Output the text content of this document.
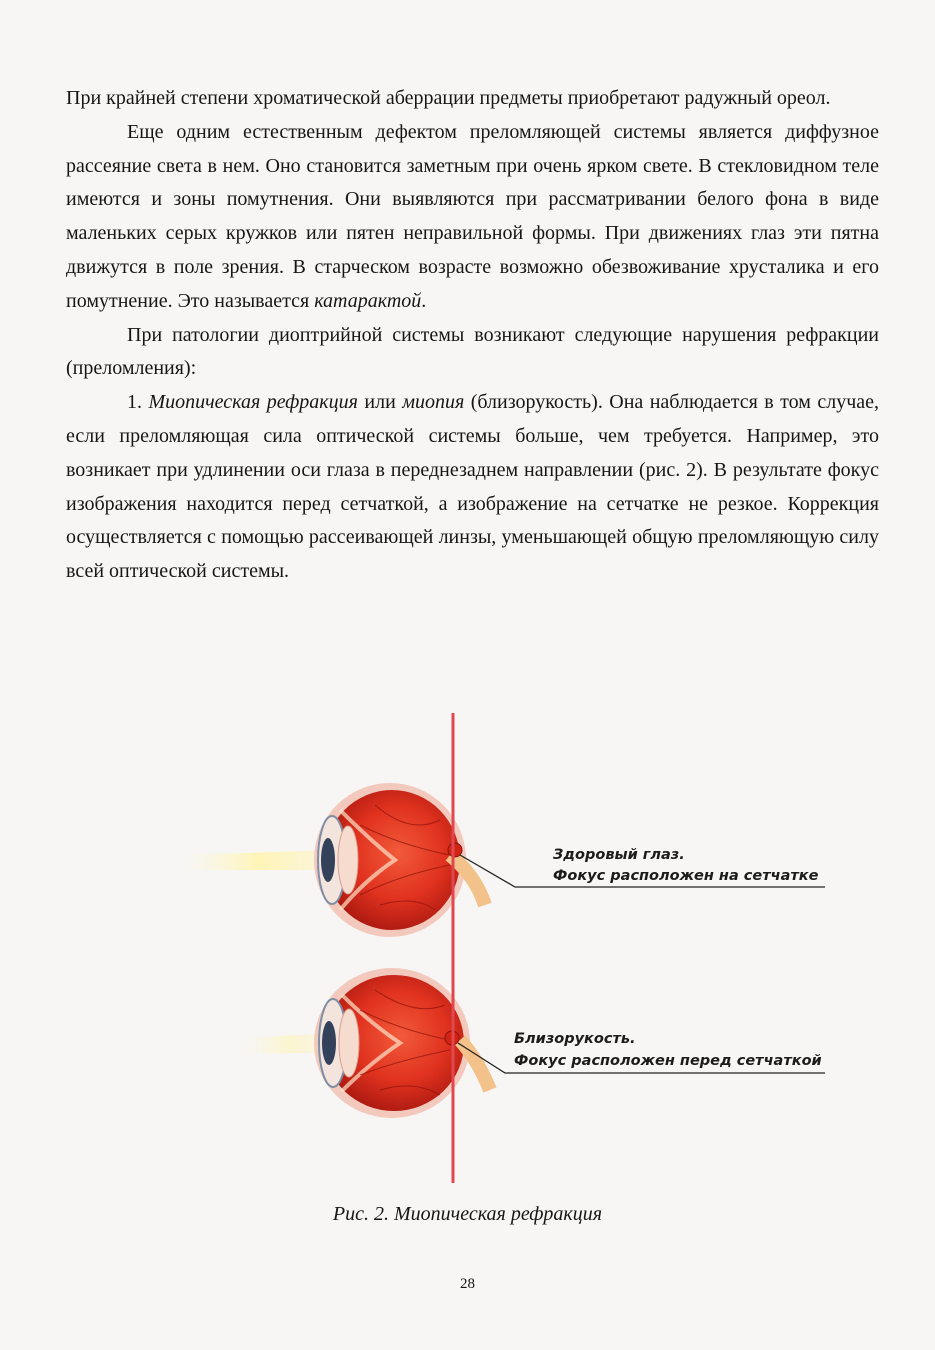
При крайней степени хроматической аберрации предметы приобретают радужный ореол.

Еще одним естественным дефектом преломляющей системы является диффузное рассеяние света в нем. Оно становится заметным при очень ярком свете. В стекловидном теле имеются и зоны помутнения. Они выявляются при рассматривании белого фона в виде маленьких серых кружков или пятен неправильной формы. При движениях глаз эти пятна движутся в поле зрения. В старческом возрасте возможно обезвоживание хрусталика и его помутнение. Это называется катарактой.

При патологии диоптрийной системы возникают следующие нарушения рефракции (преломления):

1. Миопическая рефракция или миопия (близорукость). Она наблюдается в том случае, если преломляющая сила оптической системы больше, чем требуется. Например, это возникает при удлинении оси глаза в переднезаднем направлении (рис. 2). В результате фокус изображения находится перед сетчаткой, а изображение на сетчатке не резкое. Коррекция осуществляется с помощью рассеивающей линзы, уменьшающей общую преломляющую силу всей оптической системы.

Здоровый глаз.
Фокус расположен на сетчатке
Близорукость.
Фокус расположен перед сетчаткой
Рис. 2. Миопическая рефракция
28
